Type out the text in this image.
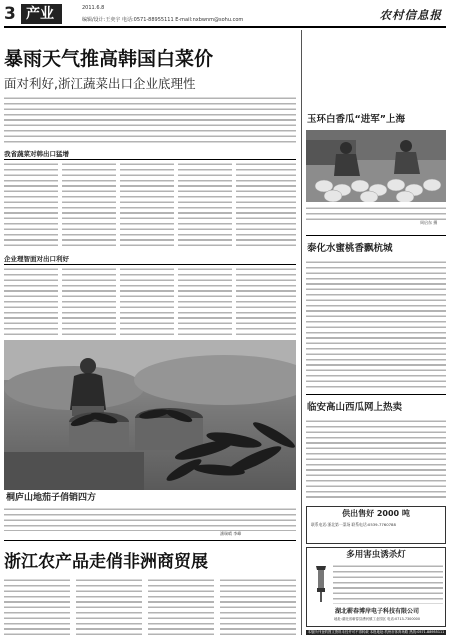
3 产业	2011.6.8
编辑/设计:王奕宇 电话:0571-88955111 E-mail:nxbwnm@sohu.com	农村信息报
暴雨天气推高韩国白菜价
面对利好,浙江蔬菜出口企业底理性
我省蔬菜对韩出口猛增
企业理智面对出口利好
桐庐山地茄子俏销四方
潘瑞晴 李峰
浙江农产品走俏非洲商贸展
玉环白香瓜“进军”上海
周启东 摄
泰化水蜜桃香飘杭城
临安高山西瓜网上热卖
供出售好 2000 吨
联系电话:浙北第一菜场 联系电话:0539-7760788
多用害虫诱杀灯
湖北蕲春博岸电子科技有限公司
地址:湖北省蕲春县漕河镇工业园区 电话:0713-7300000
本版所刊登的图文资料未经许可不得转载 本报地址:杭州市体育场路 热线:0571-88955111
